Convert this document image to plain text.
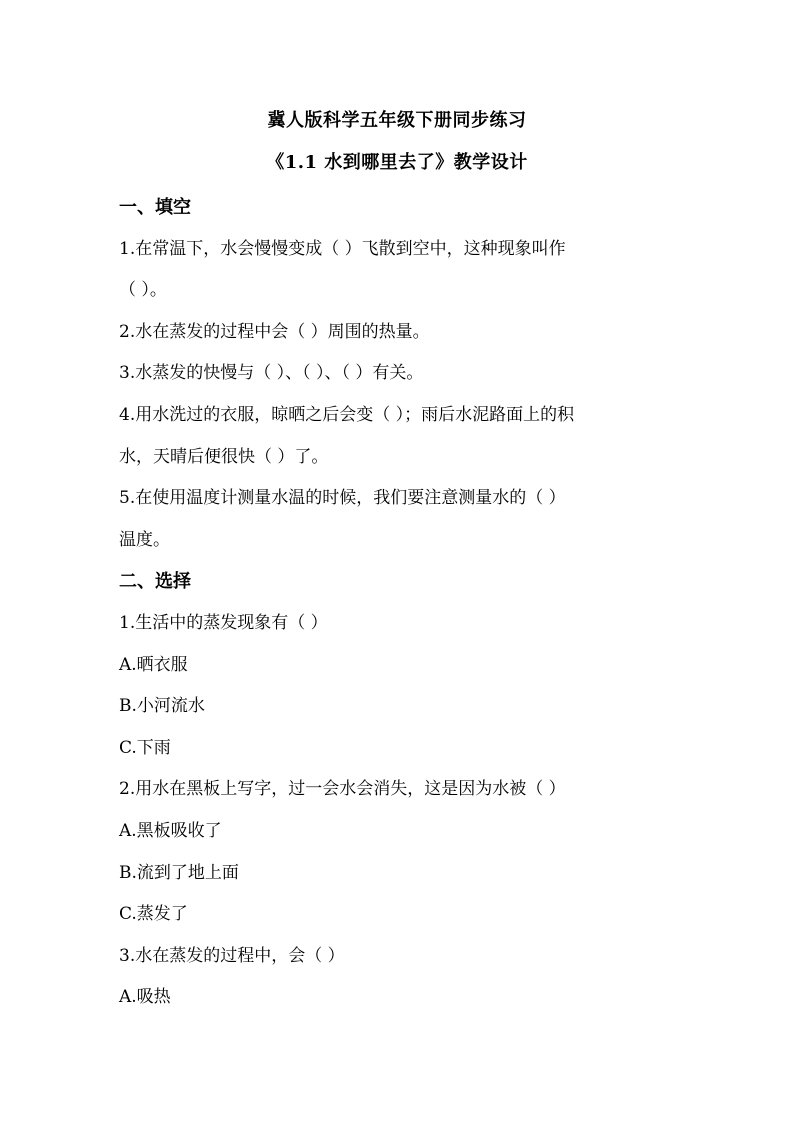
冀人版科学五年级下册同步练习
《1.1 水到哪里去了》教学设计
一、填空
1.在常温下，水会慢慢变成（ ）飞散到空中，这种现象叫作
（ ）。
2.水在蒸发的过程中会（ ）周围的热量。
3.水蒸发的快慢与（ ）、（ ）、（ ）有关。
4.用水洗过的衣服，晾晒之后会变（ ）；雨后水泥路面上的积
水，天晴后便很快（ ）了。
5.在使用温度计测量水温的时候，我们要注意测量水的（ ）
温度。
二、选择
1.生活中的蒸发现象有（ ）
A.晒衣服
B.小河流水
C.下雨
2.用水在黑板上写字，过一会水会消失，这是因为水被（ ）
A.黑板吸收了
B.流到了地上面
C.蒸发了
3.水在蒸发的过程中，会（ ）
A.吸热
